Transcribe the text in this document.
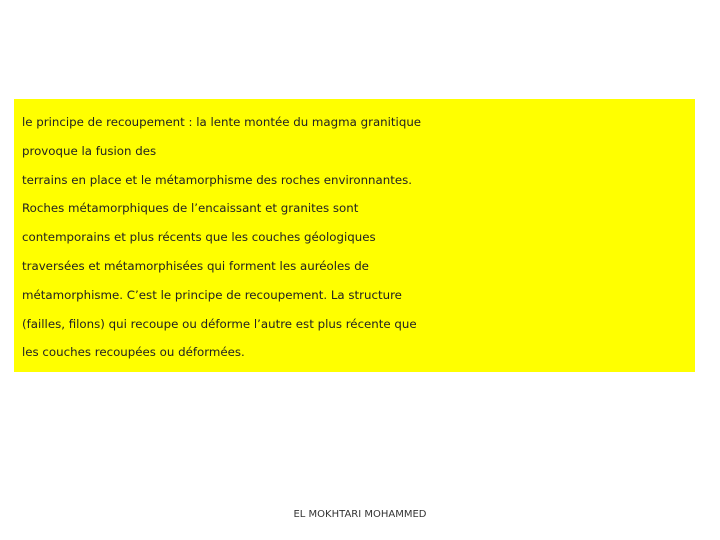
le principe de recoupement : la lente montée du magma granitique
provoque la fusion des
terrains en place et le métamorphisme des roches environnantes.
Roches métamorphiques de l’encaissant et granites sont
contemporains et plus récents que les couches géologiques
traversées et métamorphisées qui forment les auréoles de
métamorphisme. C’est le principe de recoupement. La structure
(failles, filons) qui recoupe ou déforme l’autre est plus récente que
les couches recoupées ou déformées.
EL MOKHTARI MOHAMMED
